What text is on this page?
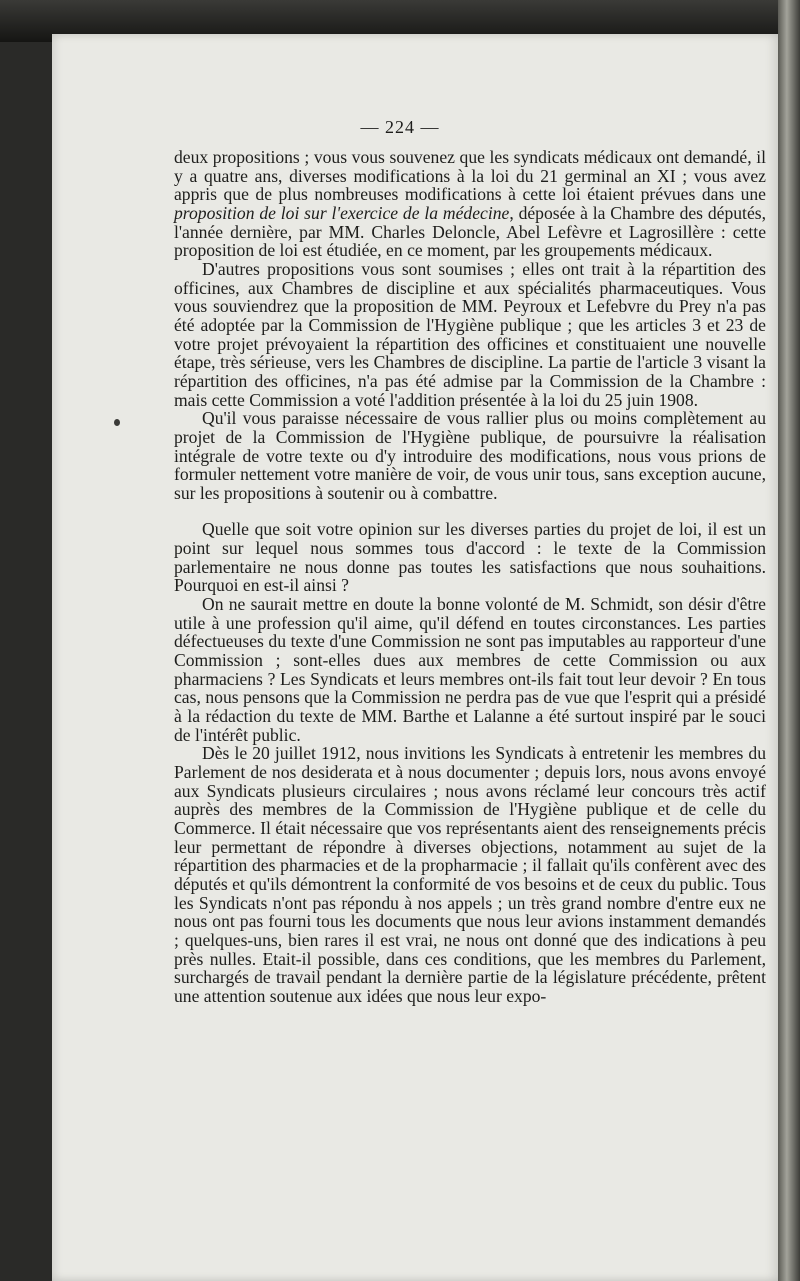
— 224 —

deux propositions ; vous vous souvenez que les syndicats médicaux ont demandé, il y a quatre ans, diverses modifications à la loi du 21 germinal an XI ; vous avez appris que de plus nombreuses modifications à cette loi étaient prévues dans une proposition de loi sur l'exercice de la médecine, déposée à la Chambre des députés, l'année dernière, par MM. Charles Deloncle, Abel Lefèvre et Lagrosillère : cette proposition de loi est étudiée, en ce moment, par les groupements médicaux.

D'autres propositions vous sont soumises ; elles ont trait à la répartition des officines, aux Chambres de discipline et aux spécialités pharmaceutiques. Vous vous souviendrez que la proposition de MM. Peyroux et Lefebvre du Prey n'a pas été adoptée par la Commission de l'Hygiène publique ; que les articles 3 et 23 de votre projet prévoyaient la répartition des officines et constituaient une nouvelle étape, très sérieuse, vers les Chambres de discipline. La partie de l'article 3 visant la répartition des officines, n'a pas été admise par la Commission de la Chambre : mais cette Commission a voté l'addition présentée à la loi du 25 juin 1908.

Qu'il vous paraisse nécessaire de vous rallier plus ou moins complètement au projet de la Commission de l'Hygiène publique, de poursuivre la réalisation intégrale de votre texte ou d'y introduire des modifications, nous vous prions de formuler nettement votre manière de voir, de vous unir tous, sans exception aucune, sur les propositions à soutenir ou à combattre.

Quelle que soit votre opinion sur les diverses parties du projet de loi, il est un point sur lequel nous sommes tous d'accord : le texte de la Commission parlementaire ne nous donne pas toutes les satisfactions que nous souhaitions. Pourquoi en est-il ainsi ?

On ne saurait mettre en doute la bonne volonté de M. Schmidt, son désir d'être utile à une profession qu'il aime, qu'il défend en toutes circonstances. Les parties défectueuses du texte d'une Commission ne sont pas imputables au rapporteur d'une Commission ; sont-elles dues aux membres de cette Commission ou aux pharmaciens ? Les Syndicats et leurs membres ont-ils fait tout leur devoir ? En tous cas, nous pensons que la Commission ne perdra pas de vue que l'esprit qui a présidé à la rédaction du texte de MM. Barthe et Lalanne a été surtout inspiré par le souci de l'intérêt public.

Dès le 20 juillet 1912, nous invitions les Syndicats à entretenir les membres du Parlement de nos desiderata et à nous documenter ; depuis lors, nous avons envoyé aux Syndicats plusieurs circulaires ; nous avons réclamé leur concours très actif auprès des membres de la Commission de l'Hygiène publique et de celle du Commerce. Il était nécessaire que vos représentants aient des renseignements précis leur permettant de répondre à diverses objections, notamment au sujet de la répartition des pharmacies et de la propharmacie ; il fallait qu'ils confèrent avec des députés et qu'ils démontrent la conformité de vos besoins et de ceux du public. Tous les Syndicats n'ont pas répondu à nos appels ; un très grand nombre d'entre eux ne nous ont pas fourni tous les documents que nous leur avions instamment demandés ; quelques-uns, bien rares il est vrai, ne nous ont donné que des indications à peu près nulles. Etait-il possible, dans ces conditions, que les membres du Parlement, surchargés de travail pendant la dernière partie de la législature précédente, prêtent une attention soutenue aux idées que nous leur expo-
